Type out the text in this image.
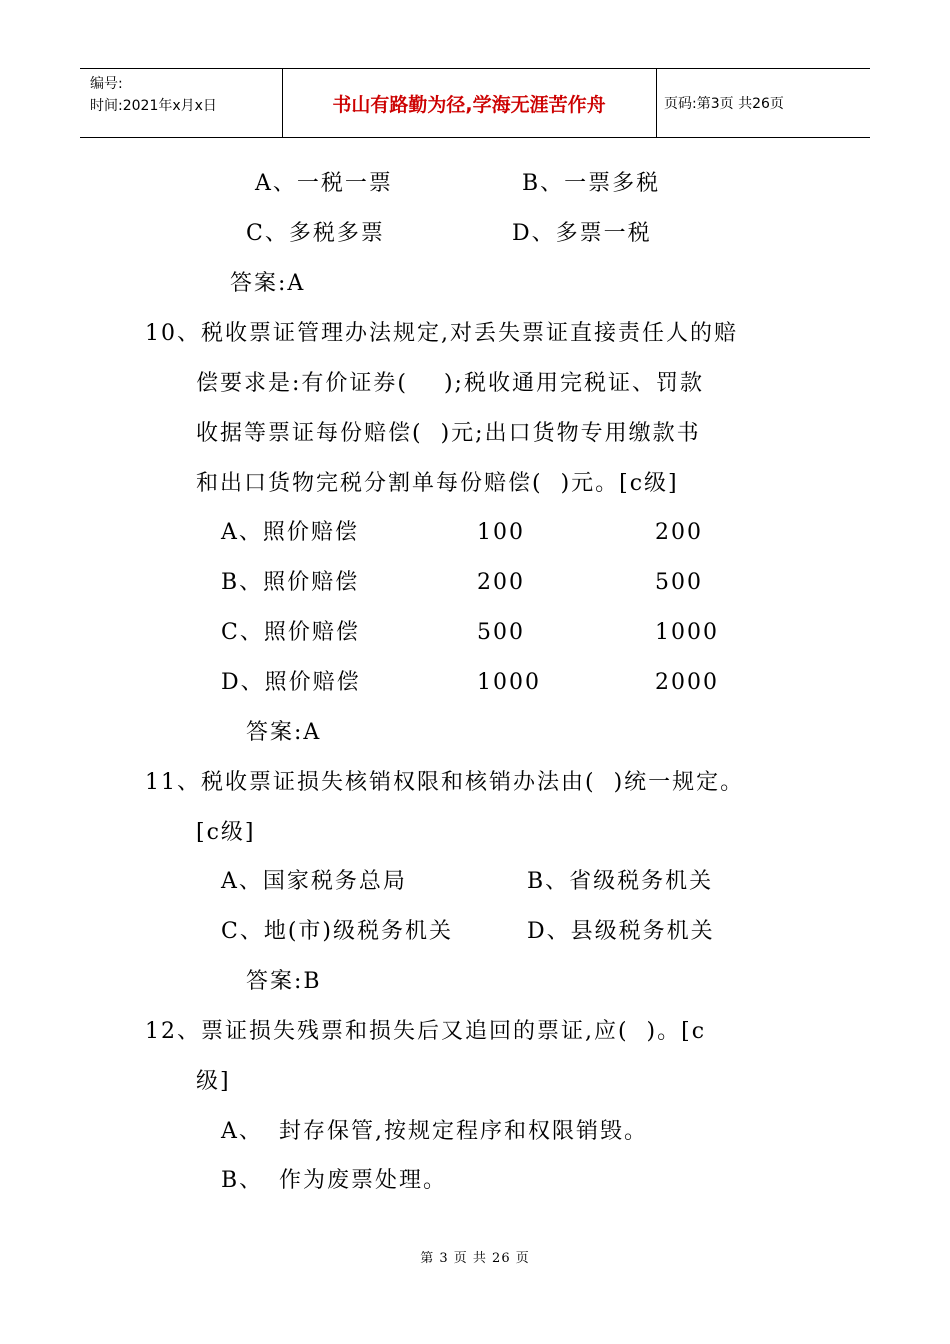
编号:
时间:2021年x月x日	书山有路勤为径,学海无涯苦作舟	页码:第3页 共26页
A、一税一票	B、一票多税
C、多税多票	D、多票一税
答案:A
10、税收票证管理办法规定,对丢失票证直接责任人的赔
偿要求是:有价证券(    );税收通用完税证、罚款
收据等票证每份赔偿(  )元;出口货物专用缴款书
和出口货物完税分割单每份赔偿(  )元。[c级]
A、照价赔偿	100	200
B、照价赔偿	200	500
C、照价赔偿	500	1000
D、照价赔偿	1000	2000
答案:A
11、税收票证损失核销权限和核销办法由(  )统一规定。
[c级]
A、国家税务总局	B、省级税务机关
C、地(市)级税务机关	D、县级税务机关
答案:B
12、票证损失残票和损失后又追回的票证,应(  )。[c
级]
A、 封存保管,按规定程序和权限销毁。
B、 作为废票处理。
第 3 页 共 26 页
